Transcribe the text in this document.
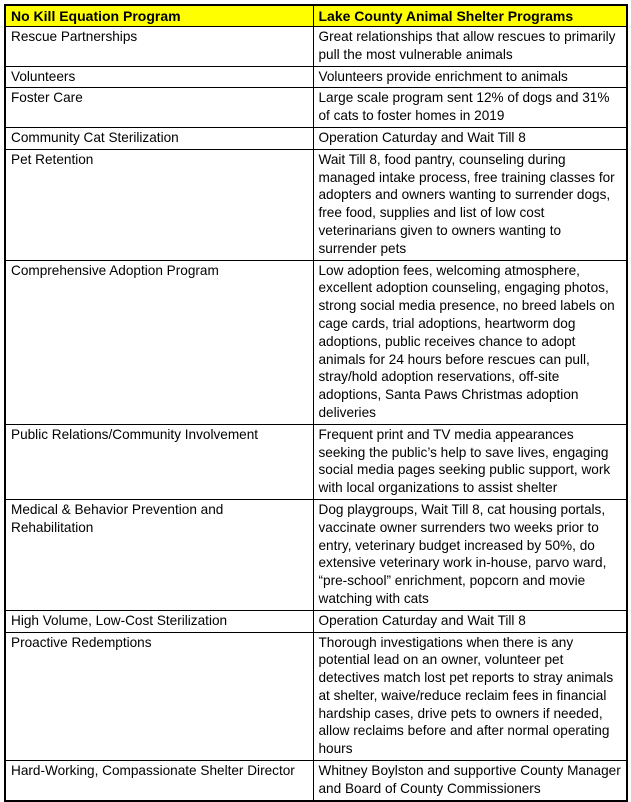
No Kill Equation Program	Lake County Animal Shelter Programs
Rescue Partnerships	Great relationships that allow rescues to primarily pull the most vulnerable animals
Volunteers	Volunteers provide enrichment to animals
Foster Care	Large scale program sent 12% of dogs and 31% of cats to foster homes in 2019
Community Cat Sterilization	Operation Caturday and Wait Till 8
Pet Retention	Wait Till 8, food pantry, counseling during managed intake process, free training classes for adopters and owners wanting to surrender dogs, free food, supplies and list of low cost veterinarians given to owners wanting to surrender pets
Comprehensive Adoption Program	Low adoption fees, welcoming atmosphere, excellent adoption counseling, engaging photos, strong social media presence, no breed labels on cage cards, trial adoptions, heartworm dog adoptions, public receives chance to adopt animals for 24 hours before rescues can pull, stray/hold adoption reservations, off-site adoptions, Santa Paws Christmas adoption deliveries
Public Relations/Community Involvement	Frequent print and TV media appearances seeking the public’s help to save lives, engaging social media pages seeking public support, work with local organizations to assist shelter
Medical & Behavior Prevention and Rehabilitation	Dog playgroups, Wait Till 8, cat housing portals, vaccinate owner surrenders two weeks prior to entry, veterinary budget increased by 50%, do extensive veterinary work in-house, parvo ward, “pre-school” enrichment, popcorn and movie watching with cats
High Volume, Low-Cost Sterilization	Operation Caturday and Wait Till 8
Proactive Redemptions	Thorough investigations when there is any potential lead on an owner, volunteer pet detectives match lost pet reports to stray animals at shelter, waive/reduce reclaim fees in financial hardship cases, drive pets to owners if needed, allow reclaims before and after normal operating hours
Hard-Working, Compassionate Shelter Director	Whitney Boylston and supportive County Manager and Board of County Commissioners
